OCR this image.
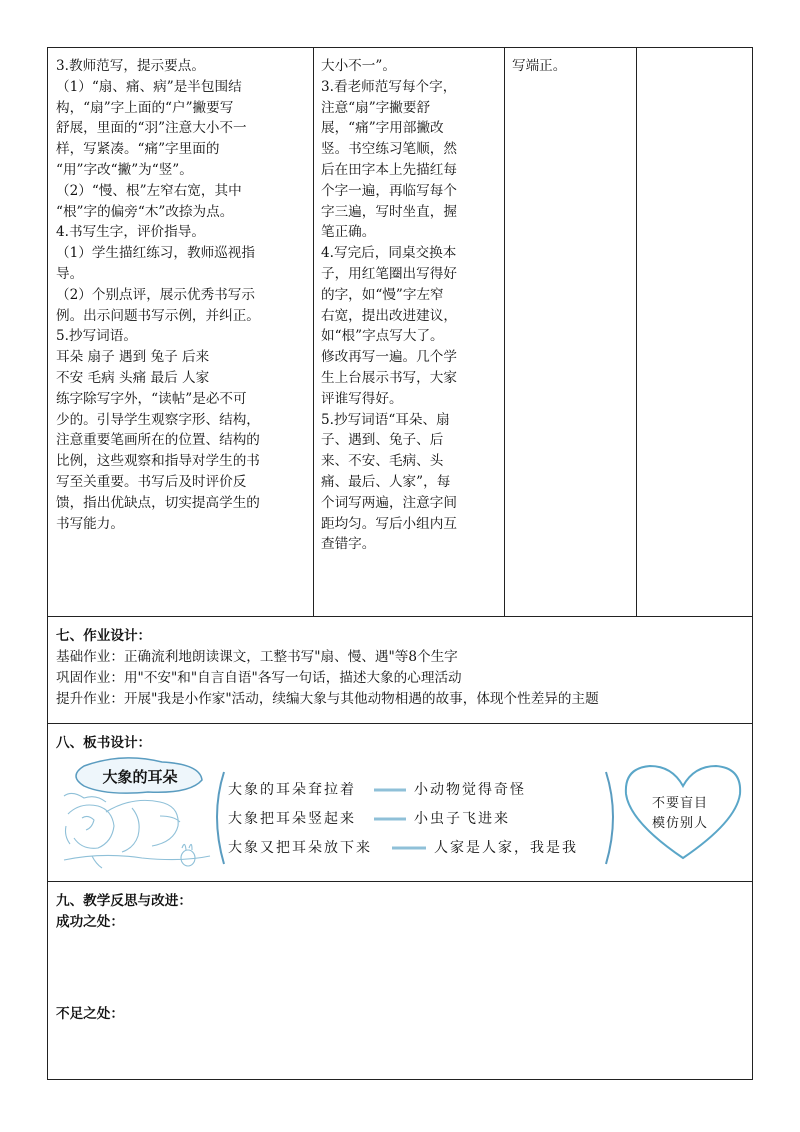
3.教师范写，提示要点。
（1）“扇、痛、病”是半包围结
构，“扇”字上面的“户”撇要写
舒展，里面的“羽”注意大小不一
样，写紧凑。“痛”字里面的
“用”字改“撇”为“竖”。
（2）“慢、根”左窄右宽，其中
“根”字的偏旁“木”改捺为点。
4.书写生字，评价指导。
（1）学生描红练习，教师巡视指
导。
（2）个别点评，展示优秀书写示
例。出示问题书写示例，并纠正。
5.抄写词语。
耳朵 扇子 遇到 兔子 后来
不安 毛病 头痛 最后 人家
练字除写字外，“读帖”是必不可
少的。引导学生观察字形、结构，
注意重要笔画所在的位置、结构的
比例，这些观察和指导对学生的书
写至关重要。书写后及时评价反
馈，指出优缺点，切实提高学生的
书写能力。
大小不一”。
3.看老师范写每个字，
注意“扇”字撇要舒
展，“痛”字用部撇改
竖。书空练习笔顺，然
后在田字本上先描红每
个字一遍，再临写每个
字三遍，写时坐直，握
笔正确。
4.写完后，同桌交换本
子，用红笔圈出写得好
的字，如“慢”字左窄
右宽，提出改进建议，
如“根”字点写大了。
修改再写一遍。几个学
生上台展示书写，大家
评谁写得好。
5.抄写词语“耳朵、扇
子、遇到、兔子、后
来、不安、毛病、头
痛、最后、人家”，每
个词写两遍，注意字间
距均匀。写后小组内互
查错字。
写端正。
七、作业设计：
基础作业：正确流利地朗读课文，工整书写"扇、慢、遇"等8个生字
巩固作业：用"不安"和"自言自语"各写一句话，描述大象的心理活动
提升作业：开展"我是小作家"活动，续编大象与其他动物相遇的故事，体现个性差异的主题
八、板书设计：
大象的耳朵
大象的耳朵耷拉着
大象把耳朵竖起来
大象又把耳朵放下来
小动物觉得奇怪
小虫子飞进来
人家是人家，我是我
不要盲目
模仿别人
九、教学反思与改进：
成功之处：
不足之处：
